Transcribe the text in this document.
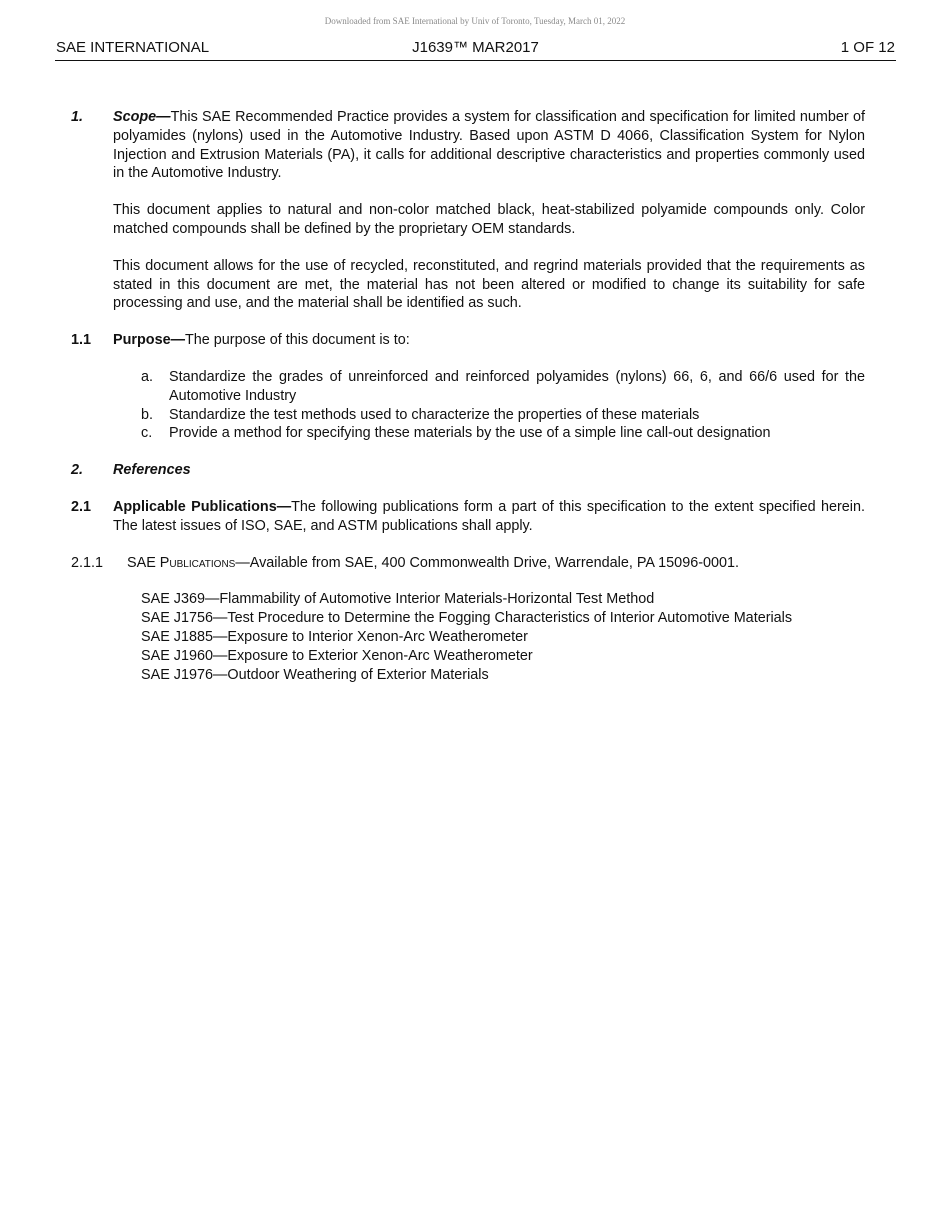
Downloaded from SAE International by Univ of Toronto, Tuesday, March 01, 2022
SAE INTERNATIONAL	J1639™ MAR2017	1 OF 12
1. Scope—This SAE Recommended Practice provides a system for classification and specification for limited number of polyamides (nylons) used in the Automotive Industry. Based upon ASTM D 4066, Classification System for Nylon Injection and Extrusion Materials (PA), it calls for additional descriptive characteristics and properties commonly used in the Automotive Industry.
This document applies to natural and non-color matched black, heat-stabilized polyamide compounds only. Color matched compounds shall be defined by the proprietary OEM standards.
This document allows for the use of recycled, reconstituted, and regrind materials provided that the requirements as stated in this document are met, the material has not been altered or modified to change its suitability for safe processing and use, and the material shall be identified as such.
1.1 Purpose—The purpose of this document is to:
a. Standardize the grades of unreinforced and reinforced polyamides (nylons) 66, 6, and 66/6 used for the Automotive Industry
b. Standardize the test methods used to characterize the properties of these materials
c. Provide a method for specifying these materials by the use of a simple line call-out designation
2. References
2.1 Applicable Publications—The following publications form a part of this specification to the extent specified herein. The latest issues of ISO, SAE, and ASTM publications shall apply.
2.1.1 SAE Publications—Available from SAE, 400 Commonwealth Drive, Warrendale, PA 15096-0001.
SAE J369—Flammability of Automotive Interior Materials-Horizontal Test Method
SAE J1756—Test Procedure to Determine the Fogging Characteristics of Interior Automotive Materials
SAE J1885—Exposure to Interior Xenon-Arc Weatherometer
SAE J1960—Exposure to Exterior Xenon-Arc Weatherometer
SAE J1976—Outdoor Weathering of Exterior Materials
